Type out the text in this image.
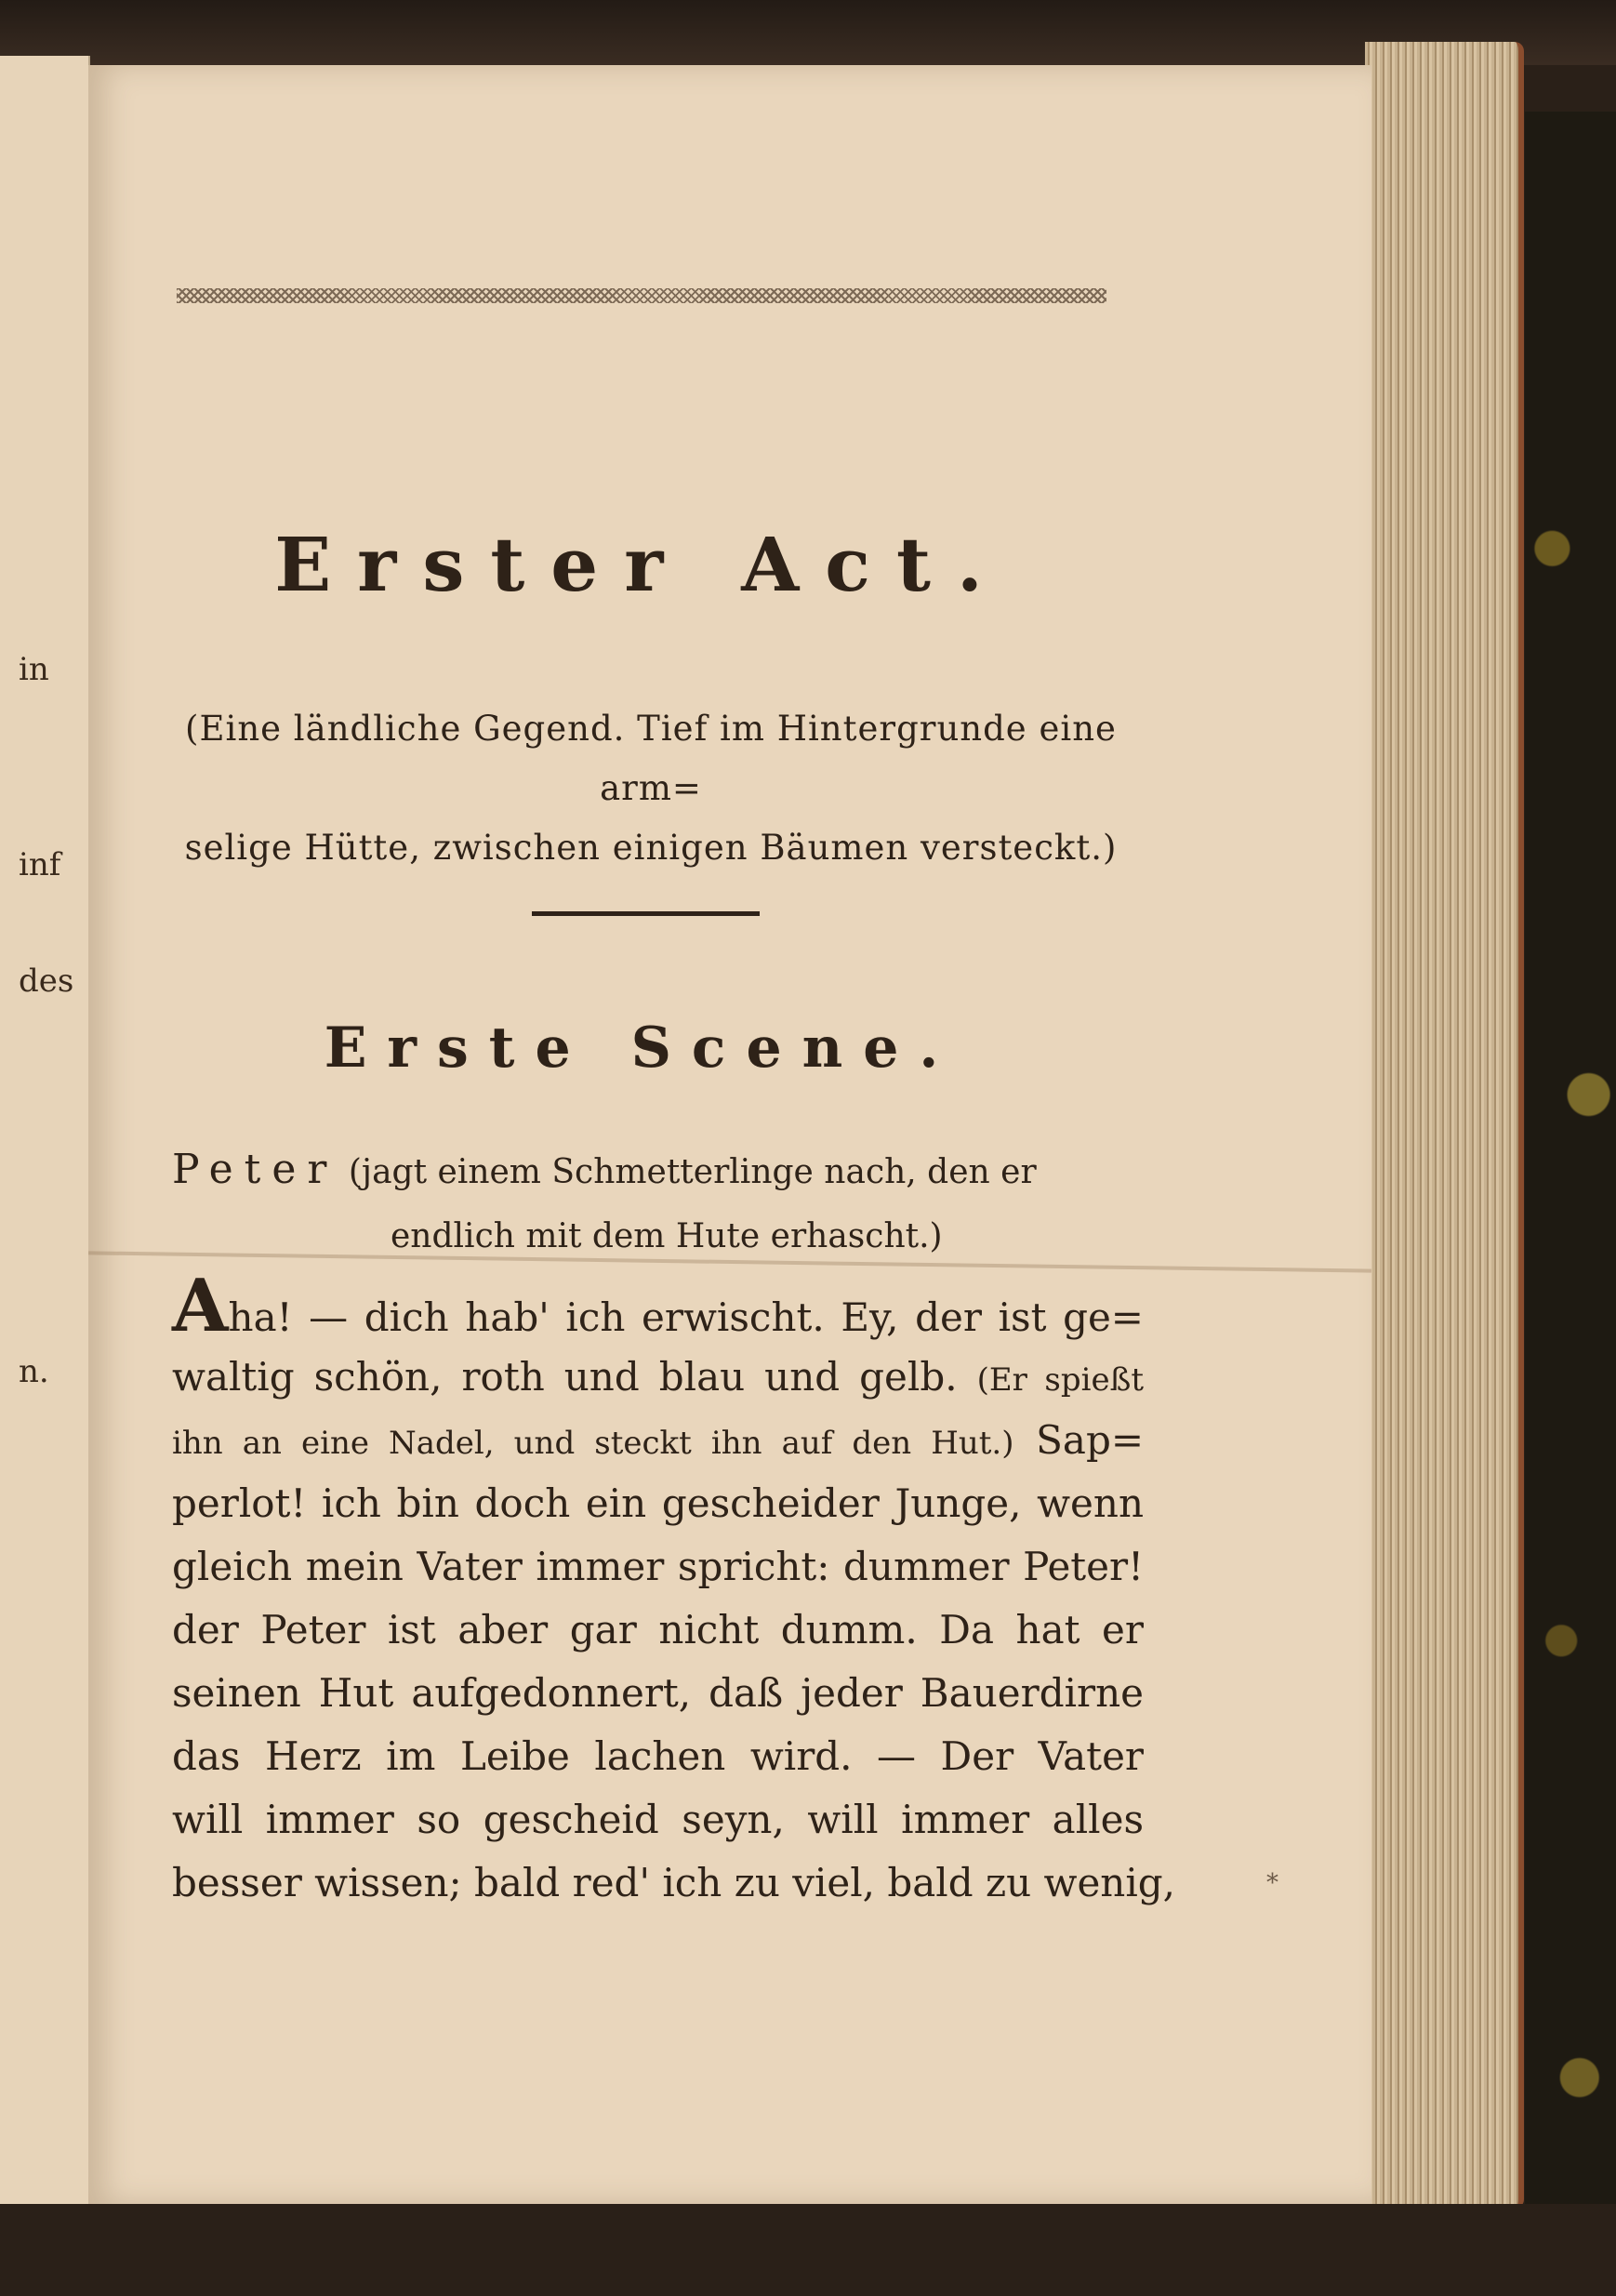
in
inf
des
n.

Erster Act.

(Eine ländliche Gegend. Tief im Hintergrunde eine arm=
selige Hütte, zwischen einigen Bäumen versteckt.)

Erste Scene.

Peter (jagt einem Schmetterlinge nach, den er

endlich mit dem Hute erhascht.)

Aha! — dich hab' ich erwischt. Ey, der ist ge=

waltig schön, roth und blau und gelb. (Er spießt

ihn an eine Nadel, und steckt ihn auf den Hut.) Sap=

perlot! ich bin doch ein gescheider Junge, wenn

gleich mein Vater immer spricht: dummer Peter!

der Peter ist aber gar nicht dumm. Da hat er

seinen Hut aufgedonnert, daß jeder Bauerdirne

das Herz im Leibe lachen wird. — Der Vater

will immer so gescheid seyn, will immer alles

besser wissen; bald red' ich zu viel, bald zu wenig,	*
